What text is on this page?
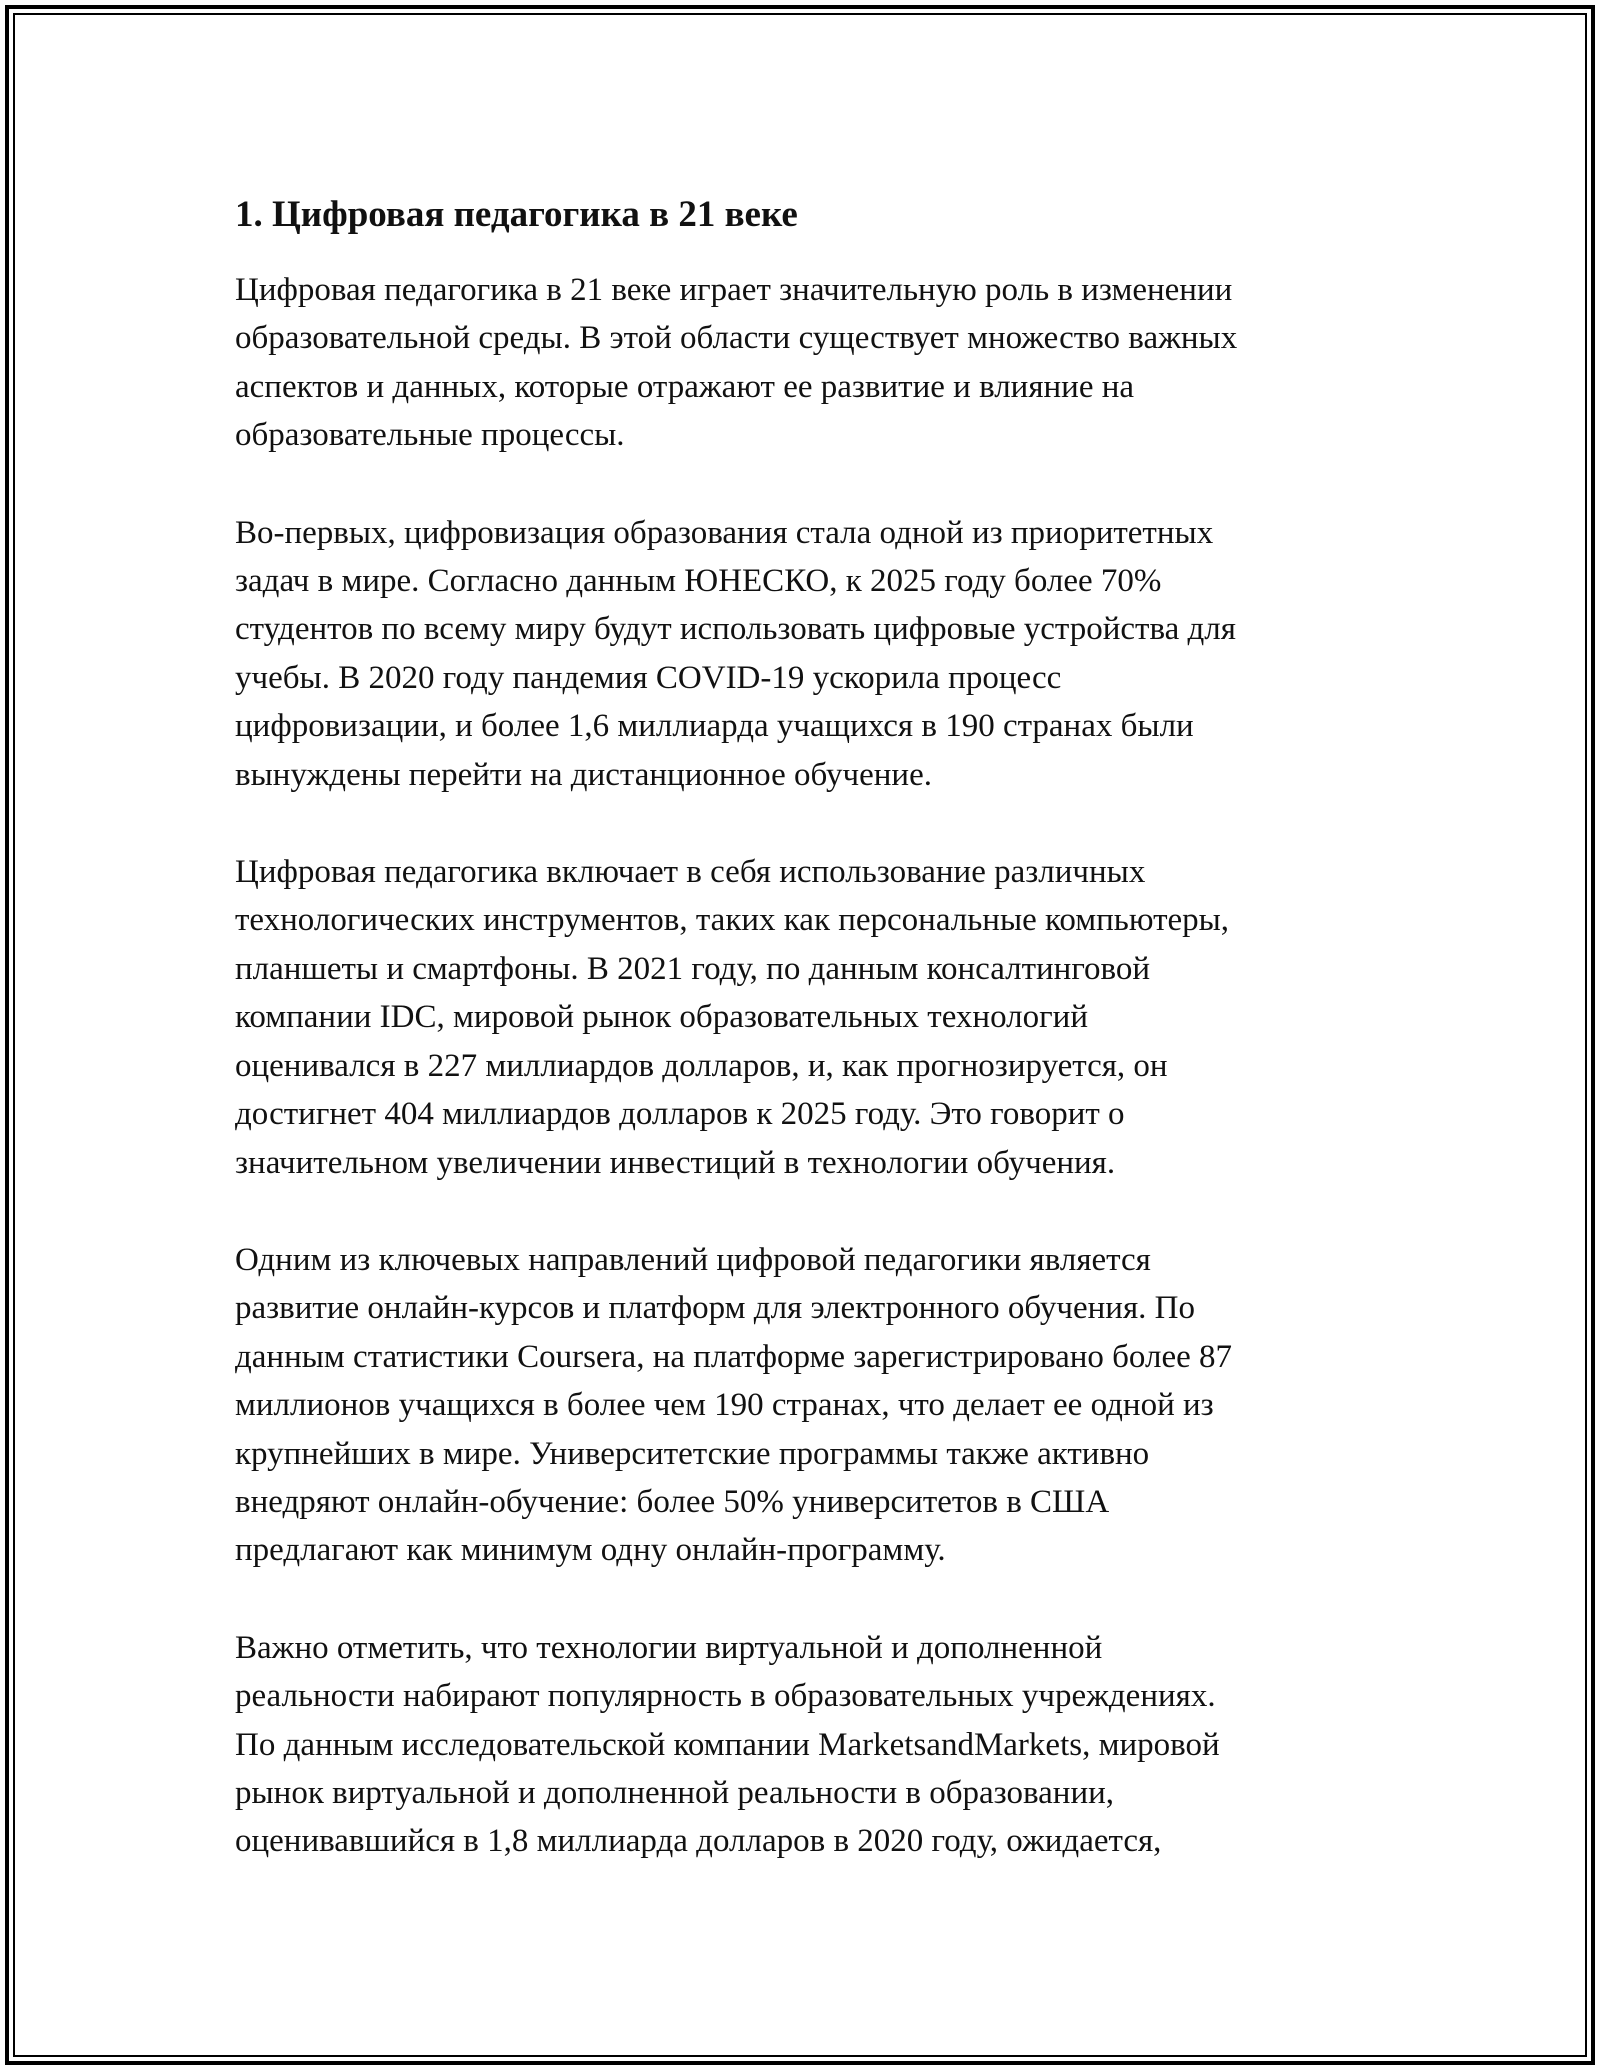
1. Цифровая педагогика в 21 веке

Цифровая педагогика в 21 веке играет значительную роль в изменении
образовательной среды. В этой области существует множество важных
аспектов и данных, которые отражают ее развитие и влияние на
образовательные процессы.

Во-первых, цифровизация образования стала одной из приоритетных
задач в мире. Согласно данным ЮНЕСКО, к 2025 году более 70%
студентов по всему миру будут использовать цифровые устройства для
учебы. В 2020 году пандемия COVID-19 ускорила процесс
цифровизации, и более 1,6 миллиарда учащихся в 190 странах были
вынуждены перейти на дистанционное обучение.

Цифровая педагогика включает в себя использование различных
технологических инструментов, таких как персональные компьютеры,
планшеты и смартфоны. В 2021 году, по данным консалтинговой
компании IDC, мировой рынок образовательных технологий
оценивался в 227 миллиардов долларов, и, как прогнозируется, он
достигнет 404 миллиардов долларов к 2025 году. Это говорит о
значительном увеличении инвестиций в технологии обучения.

Одним из ключевых направлений цифровой педагогики является
развитие онлайн-курсов и платформ для электронного обучения. По
данным статистики Coursera, на платформе зарегистрировано более 87
миллионов учащихся в более чем 190 странах, что делает ее одной из
крупнейших в мире. Университетские программы также активно
внедряют онлайн-обучение: более 50% университетов в США
предлагают как минимум одну онлайн-программу.

Важно отметить, что технологии виртуальной и дополненной
реальности набирают популярность в образовательных учреждениях.
По данным исследовательской компании MarketsandMarkets, мировой
рынок виртуальной и дополненной реальности в образовании,
оценивавшийся в 1,8 миллиарда долларов в 2020 году, ожидается,
